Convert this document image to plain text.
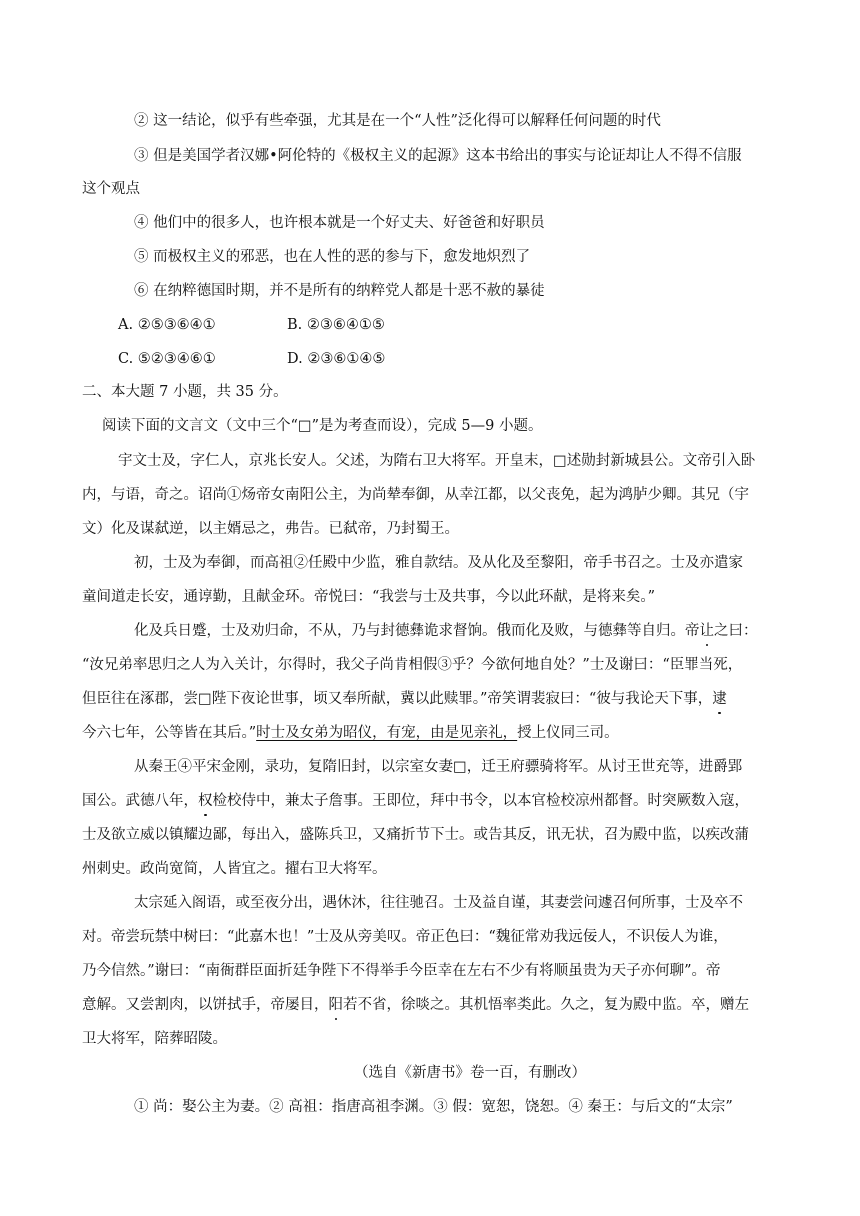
② 这一结论，似乎有些牵强，尤其是在一个“人性”泛化得可以解释任何问题的时代
③ 但是美国学者汉娜•阿伦特的《极权主义的起源》这本书给出的事实与论证却让人不得不信服
这个观点
④ 他们中的很多人，也许根本就是一个好丈夫、好爸爸和好职员
⑤ 而极权主义的邪恶，也在人性的恶的参与下，愈发地炽烈了
⑥ 在纳粹德国时期，并不是所有的纳粹党人都是十恶不赦的暴徒
A. ②⑤③⑥④①	B. ②③⑥④①⑤
C. ⑤②③④⑥①	D. ②③⑥①④⑤
二、本大题 7 小题，共 35 分。
阅读下面的文言文（文中三个“□”是为考查而设），完成 5—9 小题。
宇文士及，字仁人，京兆长安人。父述，为隋右卫大将军。开皇末，□述勋封新城县公。文帝引入卧
内，与语，奇之。诏尚①炀帝女南阳公主，为尚辇奉御，从幸江都，以父丧免，起为鸿胪少卿。其兄（宇
文）化及谋弑逆，以主婿忌之，弗告。已弑帝，乃封蜀王。
初，士及为奉御，而高祖②任殿中少监，雅自款结。及从化及至黎阳，帝手书召之。士及亦遣家
童间道走长安，通谆勤，且献金环。帝悦曰：“我尝与士及共事，今以此环献，是将来矣。”
化及兵日蹙，士及劝归命，不从，乃与封德彝诡求督饷。俄而化及败，与德彝等自归。帝让之曰：
“汝兄弟率思归之人为入关计，尔得时，我父子尚肯相假③乎？今欲何地自处？”士及谢曰：“臣罪当死，
但臣往在涿郡，尝□陛下夜论世事，顷又奉所献，冀以此赎罪。”帝笑谓裴寂曰：“彼与我论天下事，逮
今六七年，公等皆在其后。”时士及女弟为昭仪，有宠，由是见亲礼，授上仪同三司。
从秦王④平宋金刚，录功，复隋旧封，以宗室女妻□，迁王府骠骑将军。从讨王世充等，进爵郢
国公。武德八年，权检校侍中，兼太子詹事。王即位，拜中书令，以本官检校凉州都督。时突厥数入寇，
士及欲立威以镇耀边鄙，每出入，盛陈兵卫，又痛折节下士。或告其反，讯无状，召为殿中监，以疾改蒲
州刺史。政尚宽简，人皆宜之。擢右卫大将军。
太宗延入阁语，或至夜分出，遇休沐，往往驰召。士及益自谨，其妻尝问遽召何所事，士及卒不
对。帝尝玩禁中树曰：“此嘉木也！”士及从旁美叹。帝正色曰：“魏征常劝我远佞人，不识佞人为谁，
乃今信然。”谢曰：“南衙群臣面折廷争陛下不得举手今臣幸在左右不少有将顺虽贵为天子亦何聊”。帝
意解。又尝割肉，以饼拭手，帝屡目，阳若不省，徐啖之。其机悟率类此。久之，复为殿中监。卒，赠左
卫大将军，陪葬昭陵。
（选自《新唐书》卷一百，有删改）
① 尚：娶公主为妻。② 高祖：指唐高祖李渊。③ 假：宽恕，饶恕。④ 秦王：与后文的“太宗”
